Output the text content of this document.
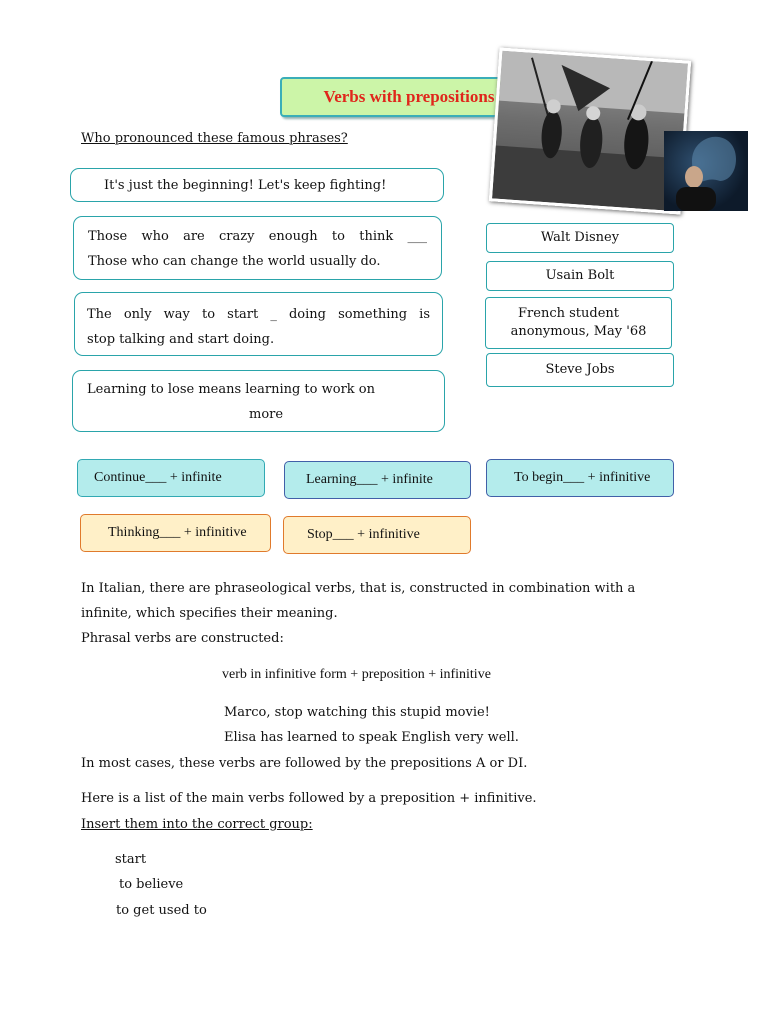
Verbs with prepositions
Who pronounced these famous phrases?
It's just the beginning! Let's keep fighting!
Those who are crazy enough to think ___
Those who can change the world usually do.
The only way to start _ doing something is
stop talking and start doing.
Learning to lose means learning to work on
more
Walt Disney
Usain Bolt
French student
anonymous, May '68
Steve Jobs
Continue___ + infinite	Learning___ + infinite	To begin___ + infinitive
Thinking___ + infinitive	Stop___ + infinitive
In Italian, there are phraseological verbs, that is, constructed in combination with a
infinite, which specifies their meaning.
Phrasal verbs are constructed:
verb in infinitive form + preposition + infinitive
Marco, stop watching this stupid movie!
Elisa has learned to speak English very well.
In most cases, these verbs are followed by the prepositions A or DI.
Here is a list of the main verbs followed by a preposition + infinitive.
Insert them into the correct group:
start
to believe
to get used to
